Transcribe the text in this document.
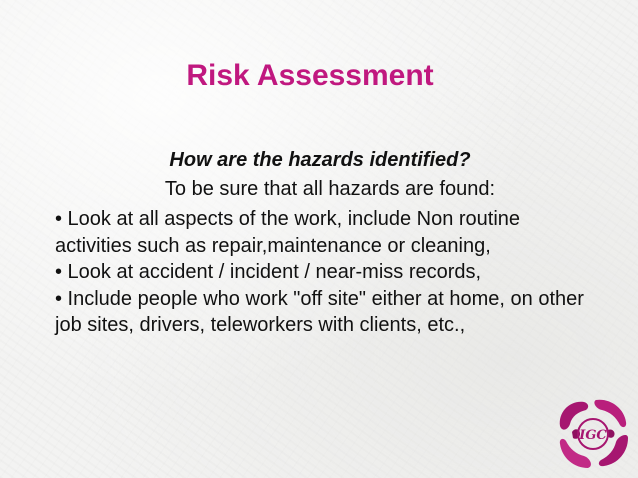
Risk Assessment
How are the hazards identified?
To be sure that all hazards are found:

• Look at all aspects of the work, include Non routine activities such as repair,maintenance or cleaning,

• Look at accident / incident / near-miss records,

• Include people who work "off site" either at home, on other job sites, drivers, teleworkers with clients, etc.,

IGC
